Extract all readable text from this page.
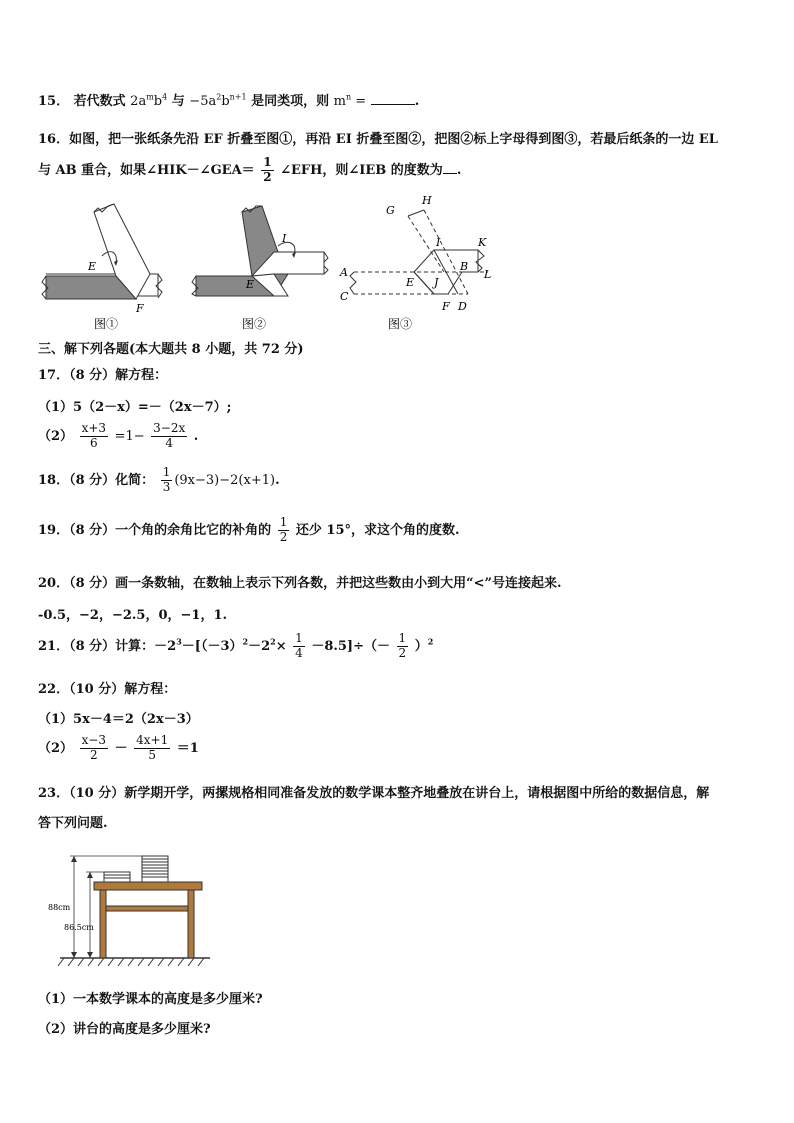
15． 若代数式 $2a^mb^4$ 与 $-5a^2b^{n+1}$ 是同类项，则 $m^n$ =	.
16．如图，把一张纸条先沿 EF 折叠至图①，再沿 EI 折叠至图②，把图②标上字母得到图③，若最后纸条的一边 EL
与 AB 重合，如果∠HIK－∠GEA＝ $\frac{1}{2}$ ∠EFH，则∠IEB 的度数为 .
E
F
图①
I
E
图②
G
H
I	K
A	B
L
E J
C
F D
图③
三、解下列各题(本大题共 8 小题，共 72 分)
17．（8 分）解方程：
（1）5（2－x）=－（2x－7）;
$(2) \frac{x+3}{6} =1- \frac{3-2x}{4}$ .
18．（8 分）化简： $\frac{1}{3} (9x-3)-2(x+1)$.
19．（8 分）一个角的余角比它的补角的 $\frac{1}{2}$ 还少 15°，求这个角的度数.
20．（8 分）画一条数轴，在数轴上表示下列各数，并把这些数由小到大用“<”号连接起来.
-0.5，−2，−2.5，0，−1，1.
21．（8 分）计算：$-2^3-[(-3)^2-2^2\times \frac{1}{4} -8.5]\div(- \frac{1}{2} )^2$
22．（10 分）解方程：
（1）5x－4＝2（2x－3）
$(2) \frac{x-3}{2} - \frac{4x+1}{5} =1$
23．（10 分）新学期开学，两摞规格相同准备发放的数学课本整齐地叠放在讲台上，请根据图中所给的数据信息，解
答下列问题.
88cm
86.5cm
（1）一本数学课本的高度是多少厘米?
（2）讲台的高度是多少厘米?
